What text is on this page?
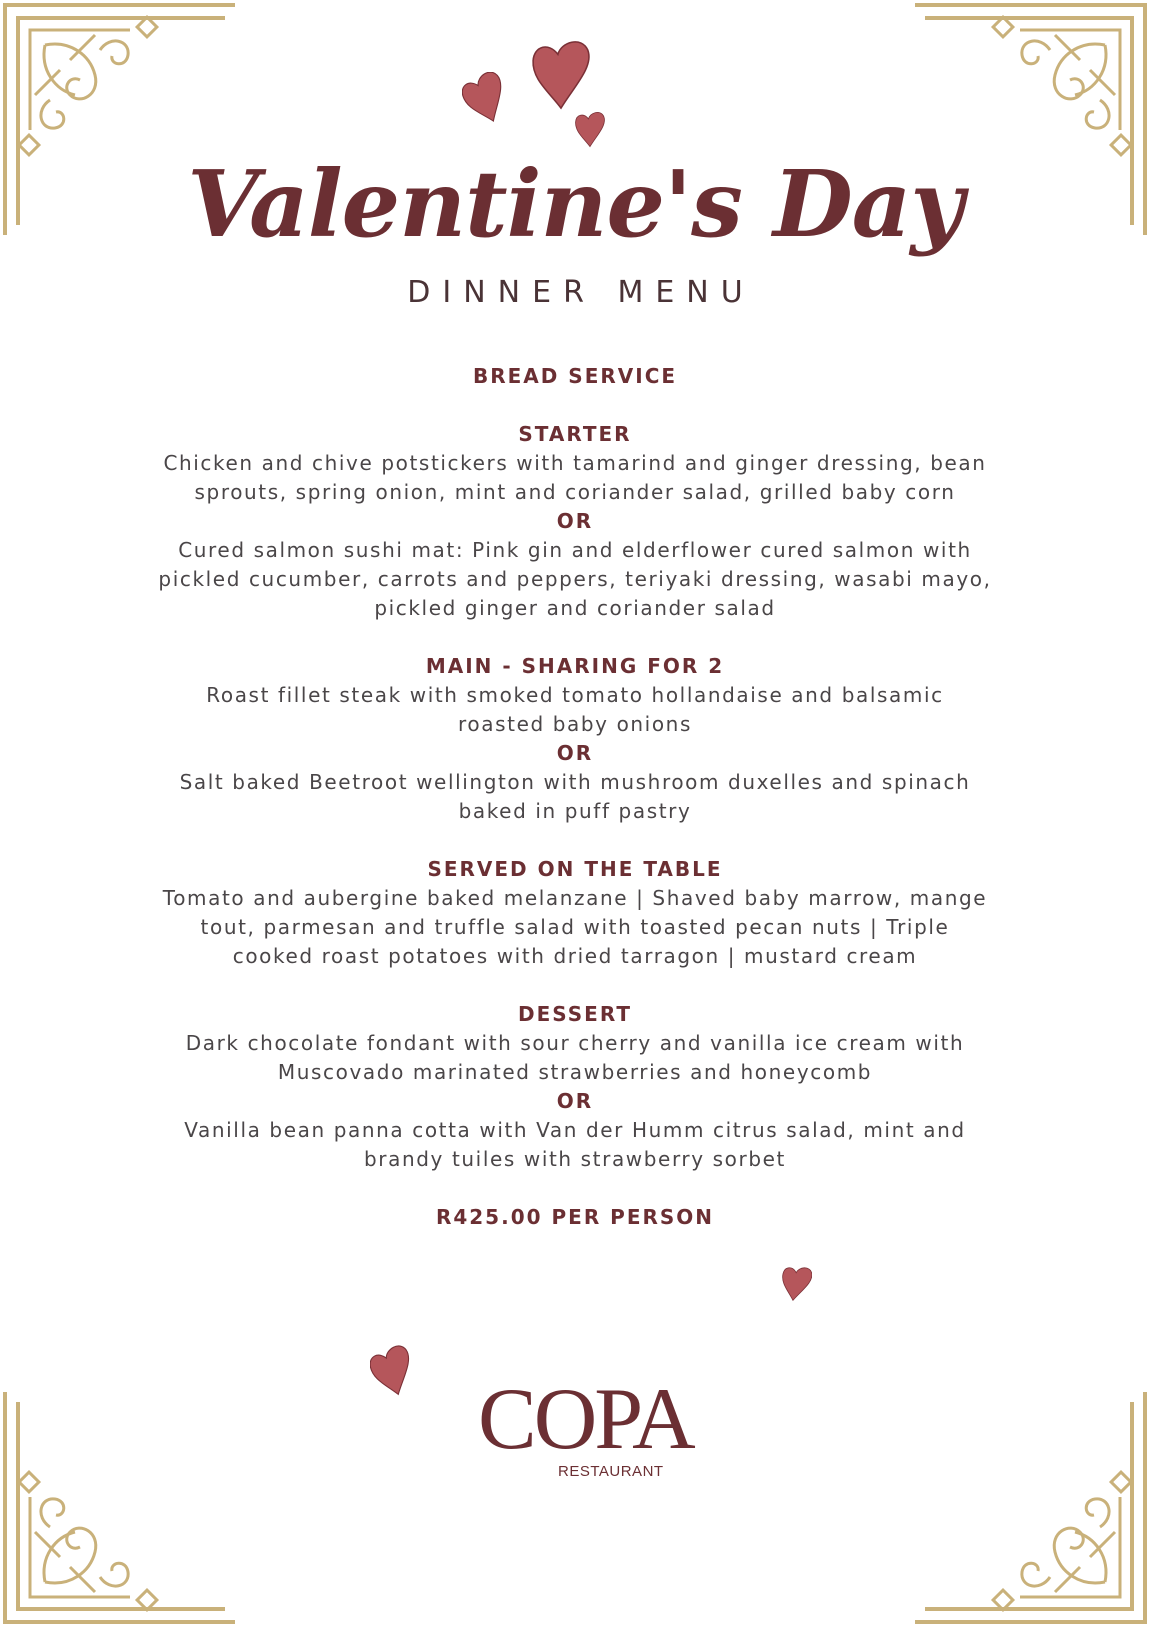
Valentine's Day
DINNER MENU

BREAD SERVICE

STARTER

Chicken and chive potstickers with tamarind and ginger dressing, bean

sprouts, spring onion, mint and coriander salad, grilled baby corn

OR

Cured salmon sushi mat: Pink gin and elderflower cured salmon with

pickled cucumber, carrots and peppers, teriyaki dressing, wasabi mayo,

pickled ginger and coriander salad

MAIN - SHARING FOR 2

Roast fillet steak with smoked tomato hollandaise and balsamic

roasted baby onions

OR

Salt baked Beetroot wellington with mushroom duxelles and spinach

baked in puff pastry

SERVED ON THE TABLE

Tomato and aubergine baked melanzane | Shaved baby marrow, mange

tout, parmesan and truffle salad with toasted pecan nuts | Triple

cooked roast potatoes with dried tarragon | mustard cream

DESSERT

Dark chocolate fondant with sour cherry and vanilla ice cream with

Muscovado marinated strawberries and honeycomb

OR

Vanilla bean panna cotta with Van der Humm citrus salad, mint and

brandy tuiles with strawberry sorbet

R425.00 PER PERSON

COPA
RESTAURANT
